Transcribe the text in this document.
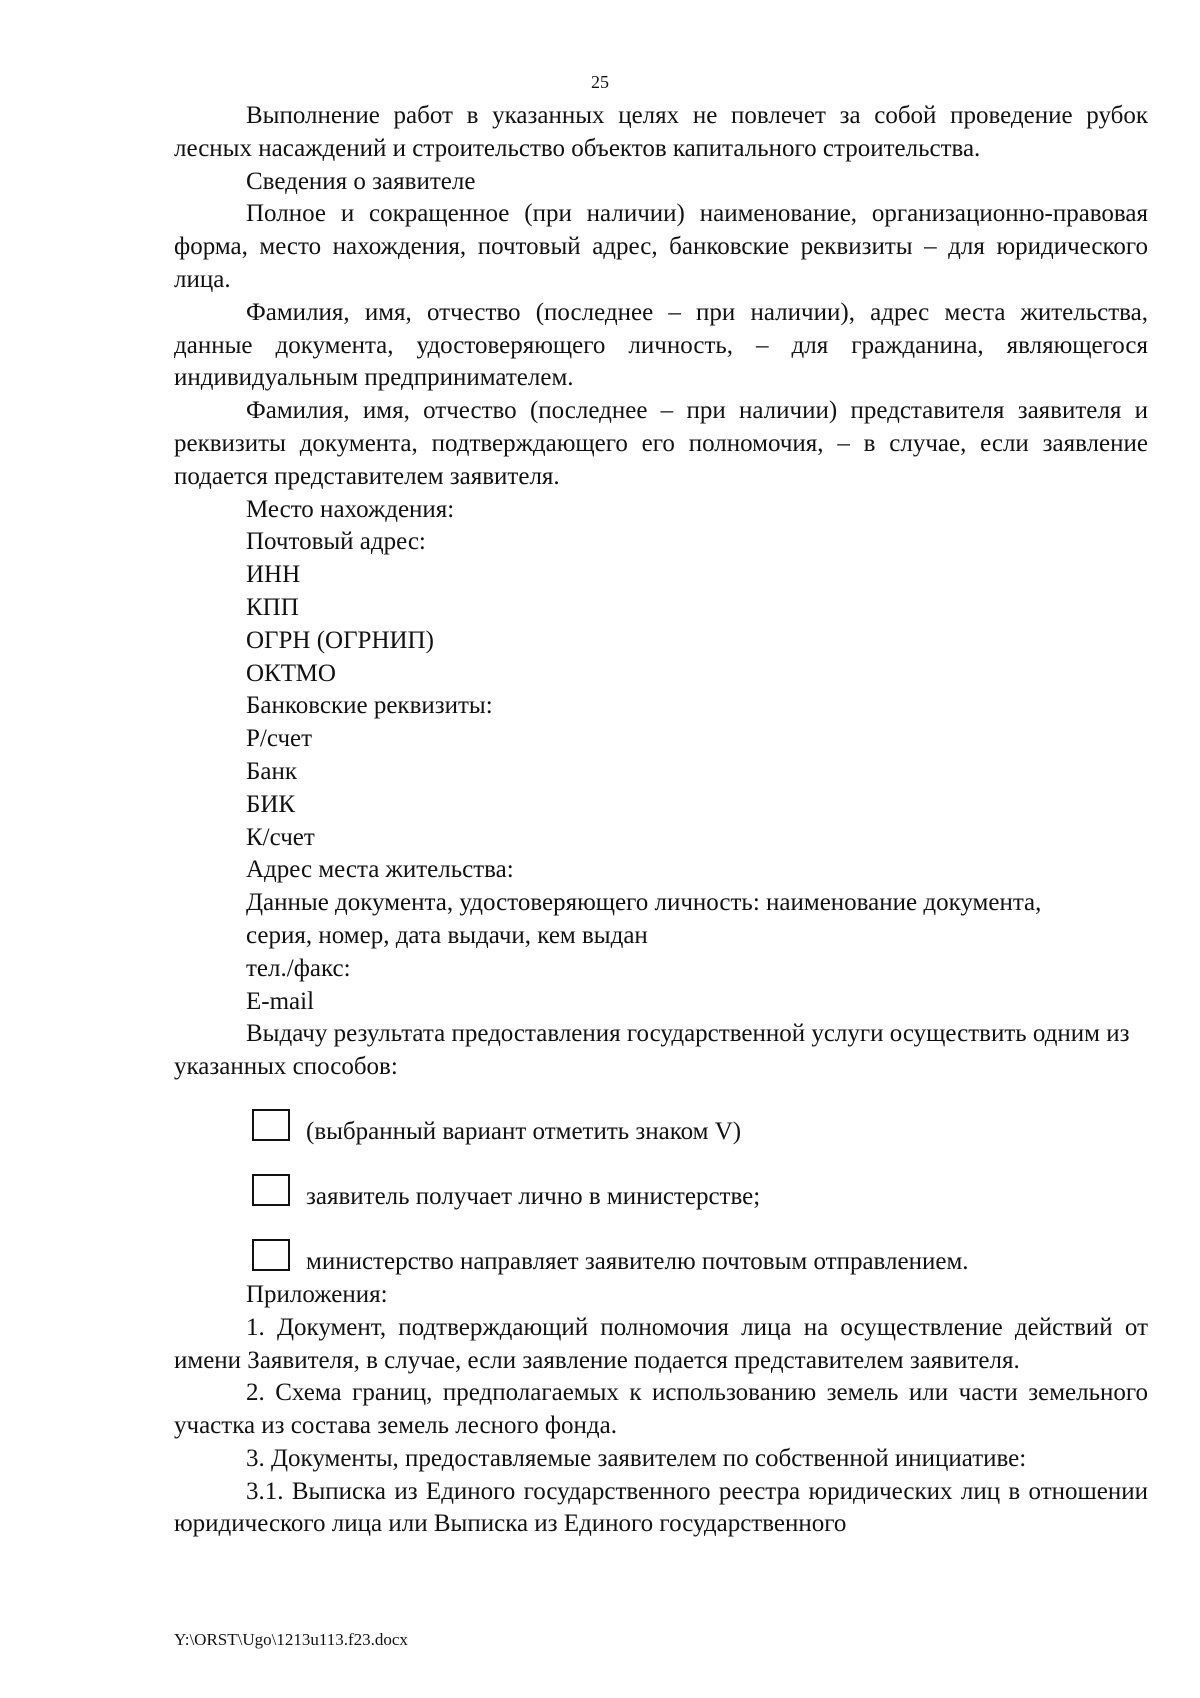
25

Выполнение работ в указанных целях не повлечет за собой проведение рубок лесных насаждений и строительство объектов капитального строительства.

Сведения о заявителе

Полное и сокращенное (при наличии) наименование, организационно-правовая форма, место нахождения, почтовый адрес, банковские реквизиты – для юридического лица.

Фамилия, имя, отчество (последнее – при наличии), адрес места жительства, данные документа, удостоверяющего личность, – для гражданина, являющегося индивидуальным предпринимателем.

Фамилия, имя, отчество (последнее – при наличии) представителя заявителя и реквизиты документа, подтверждающего его полномочия, – в случае, если заявление подается представителем заявителя.

Место нахождения:

Почтовый адрес:

ИНН

КПП

ОГРН (ОГРНИП)

ОКТМО

Банковские реквизиты:

Р/счет

Банк

БИК

К/счет

Адрес места жительства:

Данные документа, удостоверяющего личность: наименование документа,

серия, номер, дата выдачи, кем выдан

тел./факс:

E-mail

Выдачу результата предоставления государственной услуги осуществить одним из указанных способов:

(выбранный вариант отметить знаком V)
заявитель получает лично в министерстве;
министерство направляет заявителю почтовым отправлением.

Приложения:

1. Документ, подтверждающий полномочия лица на осуществление действий от имени Заявителя, в случае, если заявление подается представителем заявителя.

2. Схема границ, предполагаемых к использованию земель или части земельного участка из состава земель лесного фонда.

3. Документы, предоставляемые заявителем по собственной инициативе:

3.1. Выписка из Единого государственного реестра юридических лиц в отношении юридического лица или Выписка из Единого государственного

Y:\ORST\Ugo\1213u113.f23.docx
